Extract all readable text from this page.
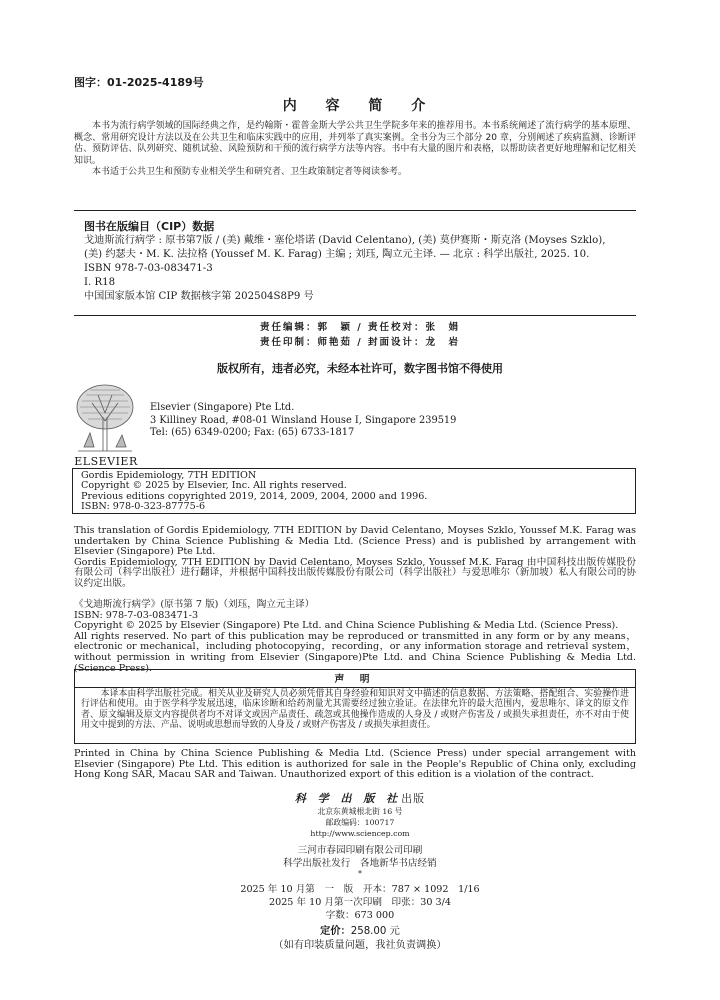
图字：01-2025-4189号
内 容 简 介

本书为流行病学领域的国际经典之作，是约翰斯・霍普金斯大学公共卫生学院多年来的推荐用书。本书系统阐述了流行病学的基本原理、概念、常用研究设计方法以及在公共卫生和临床实践中的应用，并列举了真实案例。全书分为三个部分 20 章，分别阐述了疾病监测、诊断评估、预防评估、队列研究、随机试验、风险预防和干预的流行病学方法等内容。书中有大量的图片和表格，以帮助读者更好地理解和记忆相关知识。

本书适于公共卫生和预防专业相关学生和研究者、卫生政策制定者等阅读参考。

图书在版编目（CIP）数据
戈迪斯流行病学 : 原书第7版 / (美) 戴维・塞伦塔诺 (David Celentano), (美) 莫伊赛斯・斯克洛 (Moyses Szklo),
(美) 约瑟夫・M. K. 法拉格 (Youssef M. K. Farag) 主编 ; 刘珏, 陶立元主译. — 北京 : 科学出版社, 2025. 10.
ISBN 978-7-03-083471-3
Ⅰ. R18
中国国家版本馆 CIP 数据核字第 202504S8P9 号
责任编辑：郭　颖 / 责任校对：张　娟
责任印制：师艳茹 / 封面设计：龙　岩
版权所有，违者必究，未经本社许可，数字图书馆不得使用
ELSEVIER
Elsevier (Singapore) Pte Ltd.
3 Killiney Road, #08-01 Winsland House I, Singapore 239519
Tel: (65) 6349-0200; Fax: (65) 6733-1817
Gordis Epidemiology, 7TH EDITION
Copyright © 2025 by Elsevier, Inc. All rights reserved.
Previous editions copyrighted 2019, 2014, 2009, 2004, 2000 and 1996.
ISBN: 978-0-323-87775-6

This translation of Gordis Epidemiology, 7TH EDITION by David Celentano, Moyses Szklo, Youssef M.K. Farag was undertaken by China Science Publishing & Media Ltd. (Science Press) and is published by arrangement with Elsevier (Singapore) Pte Ltd.

Gordis Epidemiology, 7TH EDITION by David Celentano, Moyses Szklo, Youssef M.K. Farag 由中国科技出版传媒股份有限公司（科学出版社）进行翻译，并根据中国科技出版传媒股份有限公司（科学出版社）与爱思唯尔（新加坡）私人有限公司的协议约定出版。

《戈迪斯流行病学》(原书第 7 版)（刘珏，陶立元主译）

ISBN: 978-7-03-083471-3

Copyright © 2025 by Elsevier (Singapore) Pte Ltd. and China Science Publishing & Media Ltd. (Science Press).

All rights reserved. No part of this publication may be reproduced or transmitted in any form or by any means，electronic or mechanical，including photocopying，recording，or any information storage and retrieval system，without permission in writing from Elsevier (Singapore)Pte Ltd. and China Science Publishing & Media Ltd.(Science Press).

声 明
本译本由科学出版社完成。相关从业及研究人员必须凭借其自身经验和知识对文中描述的信息数据、方法策略、搭配组合、实验操作进行评估和使用。由于医学科学发展迅速，临床诊断和给药剂量尤其需要经过独立验证。在法律允许的最大范围内，爱思唯尔、译文的原文作者、原文编辑及原文内容提供者均不对译文或因产品责任、疏忽或其他操作造成的人身及 / 或财产伤害及 / 或损失承担责任，亦不对由于使用文中提到的方法、产品、说明或思想而导致的人身及 / 或财产伤害及 / 或损失承担责任。

Printed in China by China Science Publishing & Media Ltd. (Science Press) under special arrangement with Elsevier (Singapore) Pte Ltd. This edition is authorized for sale in the People's Republic of China only, excluding Hong Kong SAR, Macau SAR and Taiwan. Unauthorized export of this edition is a violation of the contract.

科 学 出 版 社出版
北京东黄城根北街 16 号
邮政编码：100717
http://www.sciencep.com
三河市春园印刷有限公司印刷
科学出版社发行　各地新华书店经销
*
2025 年 10 月第　一　版　开本：787 × 1092　1/16
2025 年 10 月第一次印刷　印张：30 3/4
字数：673 000
定价：258.00 元
（如有印装质量问题，我社负责调换）
